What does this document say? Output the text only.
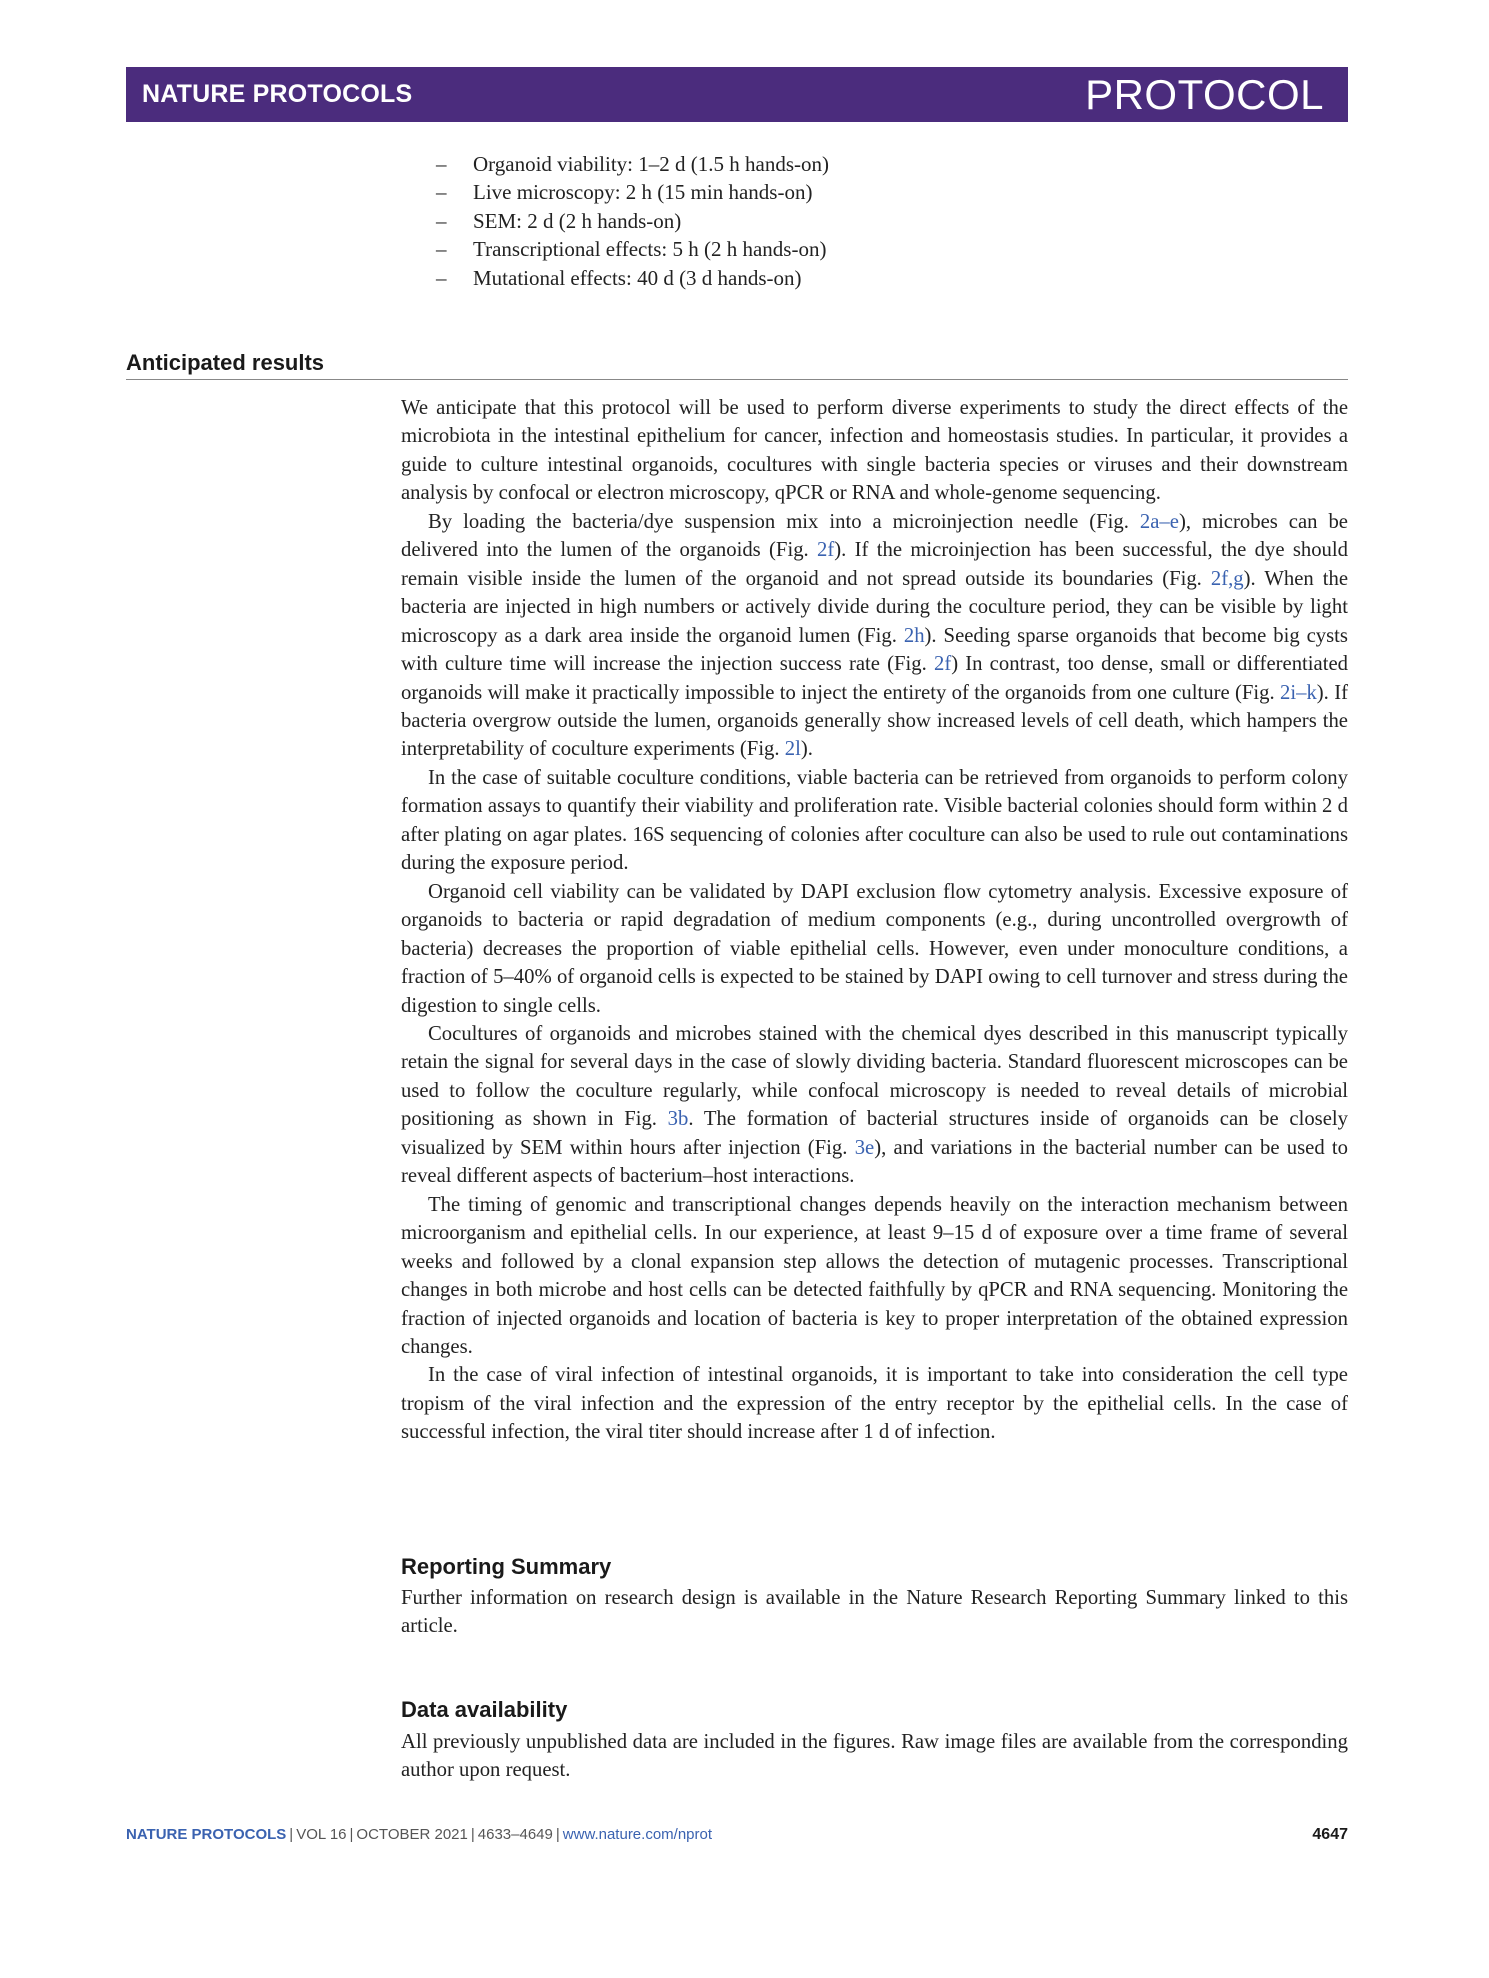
NATURE PROTOCOLS	PROTOCOL
–	Organoid viability: 1–2 d (1.5 h hands-on)
–	Live microscopy: 2 h (15 min hands-on)
–	SEM: 2 d (2 h hands-on)
–	Transcriptional effects: 5 h (2 h hands-on)
–	Mutational effects: 40 d (3 d hands-on)
Anticipated results

We anticipate that this protocol will be used to perform diverse experiments to study the direct effects of the microbiota in the intestinal epithelium for cancer, infection and homeostasis studies. In particular, it provides a guide to culture intestinal organoids, cocultures with single bacteria species or viruses and their downstream analysis by confocal or electron microscopy, qPCR or RNA and whole-genome sequencing.

By loading the bacteria/dye suspension mix into a microinjection needle (Fig. 2a–e), microbes can be delivered into the lumen of the organoids (Fig. 2f). If the microinjection has been successful, the dye should remain visible inside the lumen of the organoid and not spread outside its boundaries (Fig. 2f,g). When the bacteria are injected in high numbers or actively divide during the coculture period, they can be visible by light microscopy as a dark area inside the organoid lumen (Fig. 2h). Seeding sparse organoids that become big cysts with culture time will increase the injection success rate (Fig. 2f) In contrast, too dense, small or differentiated organoids will make it practically impossible to inject the entirety of the organoids from one culture (Fig. 2i–k). If bacteria overgrow outside the lumen, organoids generally show increased levels of cell death, which hampers the interpretability of coculture experiments (Fig. 2l).

In the case of suitable coculture conditions, viable bacteria can be retrieved from organoids to perform colony formation assays to quantify their viability and proliferation rate. Visible bacterial colonies should form within 2 d after plating on agar plates. 16S sequencing of colonies after coculture can also be used to rule out contaminations during the exposure period.

Organoid cell viability can be validated by DAPI exclusion flow cytometry analysis. Excessive exposure of organoids to bacteria or rapid degradation of medium components (e.g., during uncontrolled overgrowth of bacteria) decreases the proportion of viable epithelial cells. However, even under monoculture conditions, a fraction of 5–40% of organoid cells is expected to be stained by DAPI owing to cell turnover and stress during the digestion to single cells.

Cocultures of organoids and microbes stained with the chemical dyes described in this manuscript typically retain the signal for several days in the case of slowly dividing bacteria. Standard fluorescent microscopes can be used to follow the coculture regularly, while confocal microscopy is needed to reveal details of microbial positioning as shown in Fig. 3b. The formation of bacterial structures inside of organoids can be closely visualized by SEM within hours after injection (Fig. 3e), and variations in the bacterial number can be used to reveal different aspects of bacterium–host interactions.

The timing of genomic and transcriptional changes depends heavily on the interaction mechanism between microorganism and epithelial cells. In our experience, at least 9–15 d of exposure over a time frame of several weeks and followed by a clonal expansion step allows the detection of mutagenic processes. Transcriptional changes in both microbe and host cells can be detected faithfully by qPCR and RNA sequencing. Monitoring the fraction of injected organoids and location of bacteria is key to proper interpretation of the obtained expression changes.

In the case of viral infection of intestinal organoids, it is important to take into consideration the cell type tropism of the viral infection and the expression of the entry receptor by the epithelial cells. In the case of successful infection, the viral titer should increase after 1 d of infection.

Reporting Summary

Further information on research design is available in the Nature Research Reporting Summary linked to this article.

Data availability

All previously unpublished data are included in the figures. Raw image files are available from the corresponding author upon request.

NATURE PROTOCOLS | VOL 16 | OCTOBER 2021 | 4633–4649 | www.nature.com/nprot	4647
